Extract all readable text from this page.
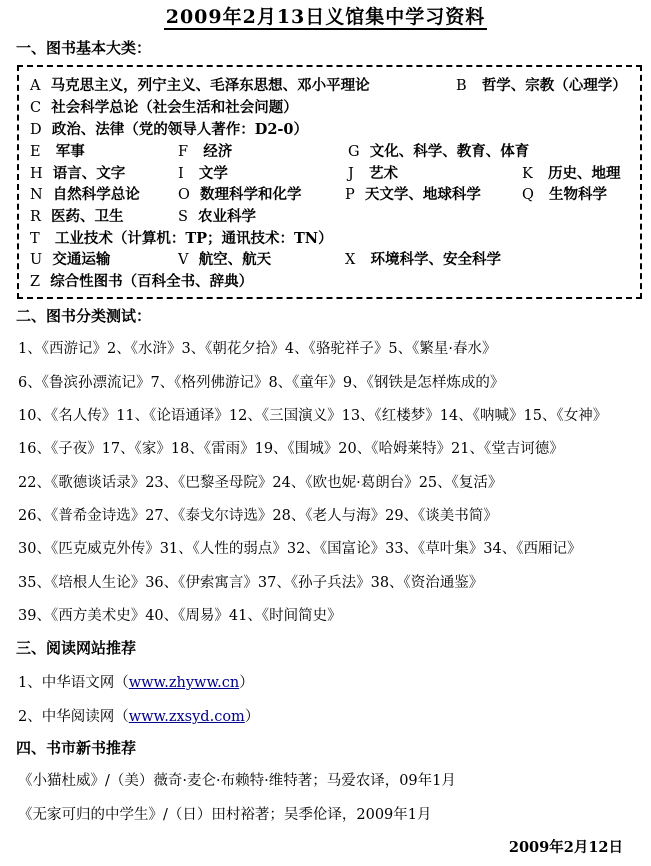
2009年2月13日义馆集中学习资料
一、图书基本大类：
A 马克思主义，列宁主义、毛泽东思想、邓小平理论	B 哲学、宗教（心理学）
C 社会科学总论（社会生活和社会问题）
D 政治、法律（党的领导人著作：D2-0）
E 军事	F 经济	G 文化、科学、教育、体育
H 语言、文字	I 文学	J 艺术	K 历史、地理
N 自然科学总论	O 数理科学和化学	P 天文学、地球科学	Q 生物科学
R 医药、卫生	S 农业科学
T 工业技术（计算机：TP；通讯技术：TN）
U 交通运输	V 航空、航天	X 环境科学、安全科学
Z 综合性图书（百科全书、辞典）
二、图书分类测试：
1、《西游记》2、《水浒》3、《朝花夕拾》4、《骆驼祥子》5、《繁星·春水》
6、《鲁滨孙漂流记》7、《格列佛游记》8、《童年》9、《钢铁是怎样炼成的》
10、《名人传》11、《论语通译》12、《三国演义》13、《红楼梦》14、《呐喊》15、《女神》
16、《子夜》17、《家》18、《雷雨》19、《围城》20、《哈姆莱特》21、《堂吉诃德》
22、《歌德谈话录》23、《巴黎圣母院》24、《欧也妮·葛朗台》25、《复活》
26、《普希金诗选》27、《泰戈尔诗选》28、《老人与海》29、《谈美书简》
30、《匹克威克外传》31、《人性的弱点》32、《国富论》33、《草叶集》34、《西厢记》
35、《培根人生论》36、《伊索寓言》37、《孙子兵法》38、《资治通鉴》
39、《西方美术史》40、《周易》41、《时间简史》
三、阅读网站推荐
1、中华语文网（www.zhyww.cn）
2、中华阅读网（www.zxsyd.com）
四、书市新书推荐
《小猫杜威》/（美）薇奇·麦仑·布赖特·维特著；马爱农译，09年1月
《无家可归的中学生》/（日）田村裕著；吴季伦译，2009年1月
2009年2月12日
